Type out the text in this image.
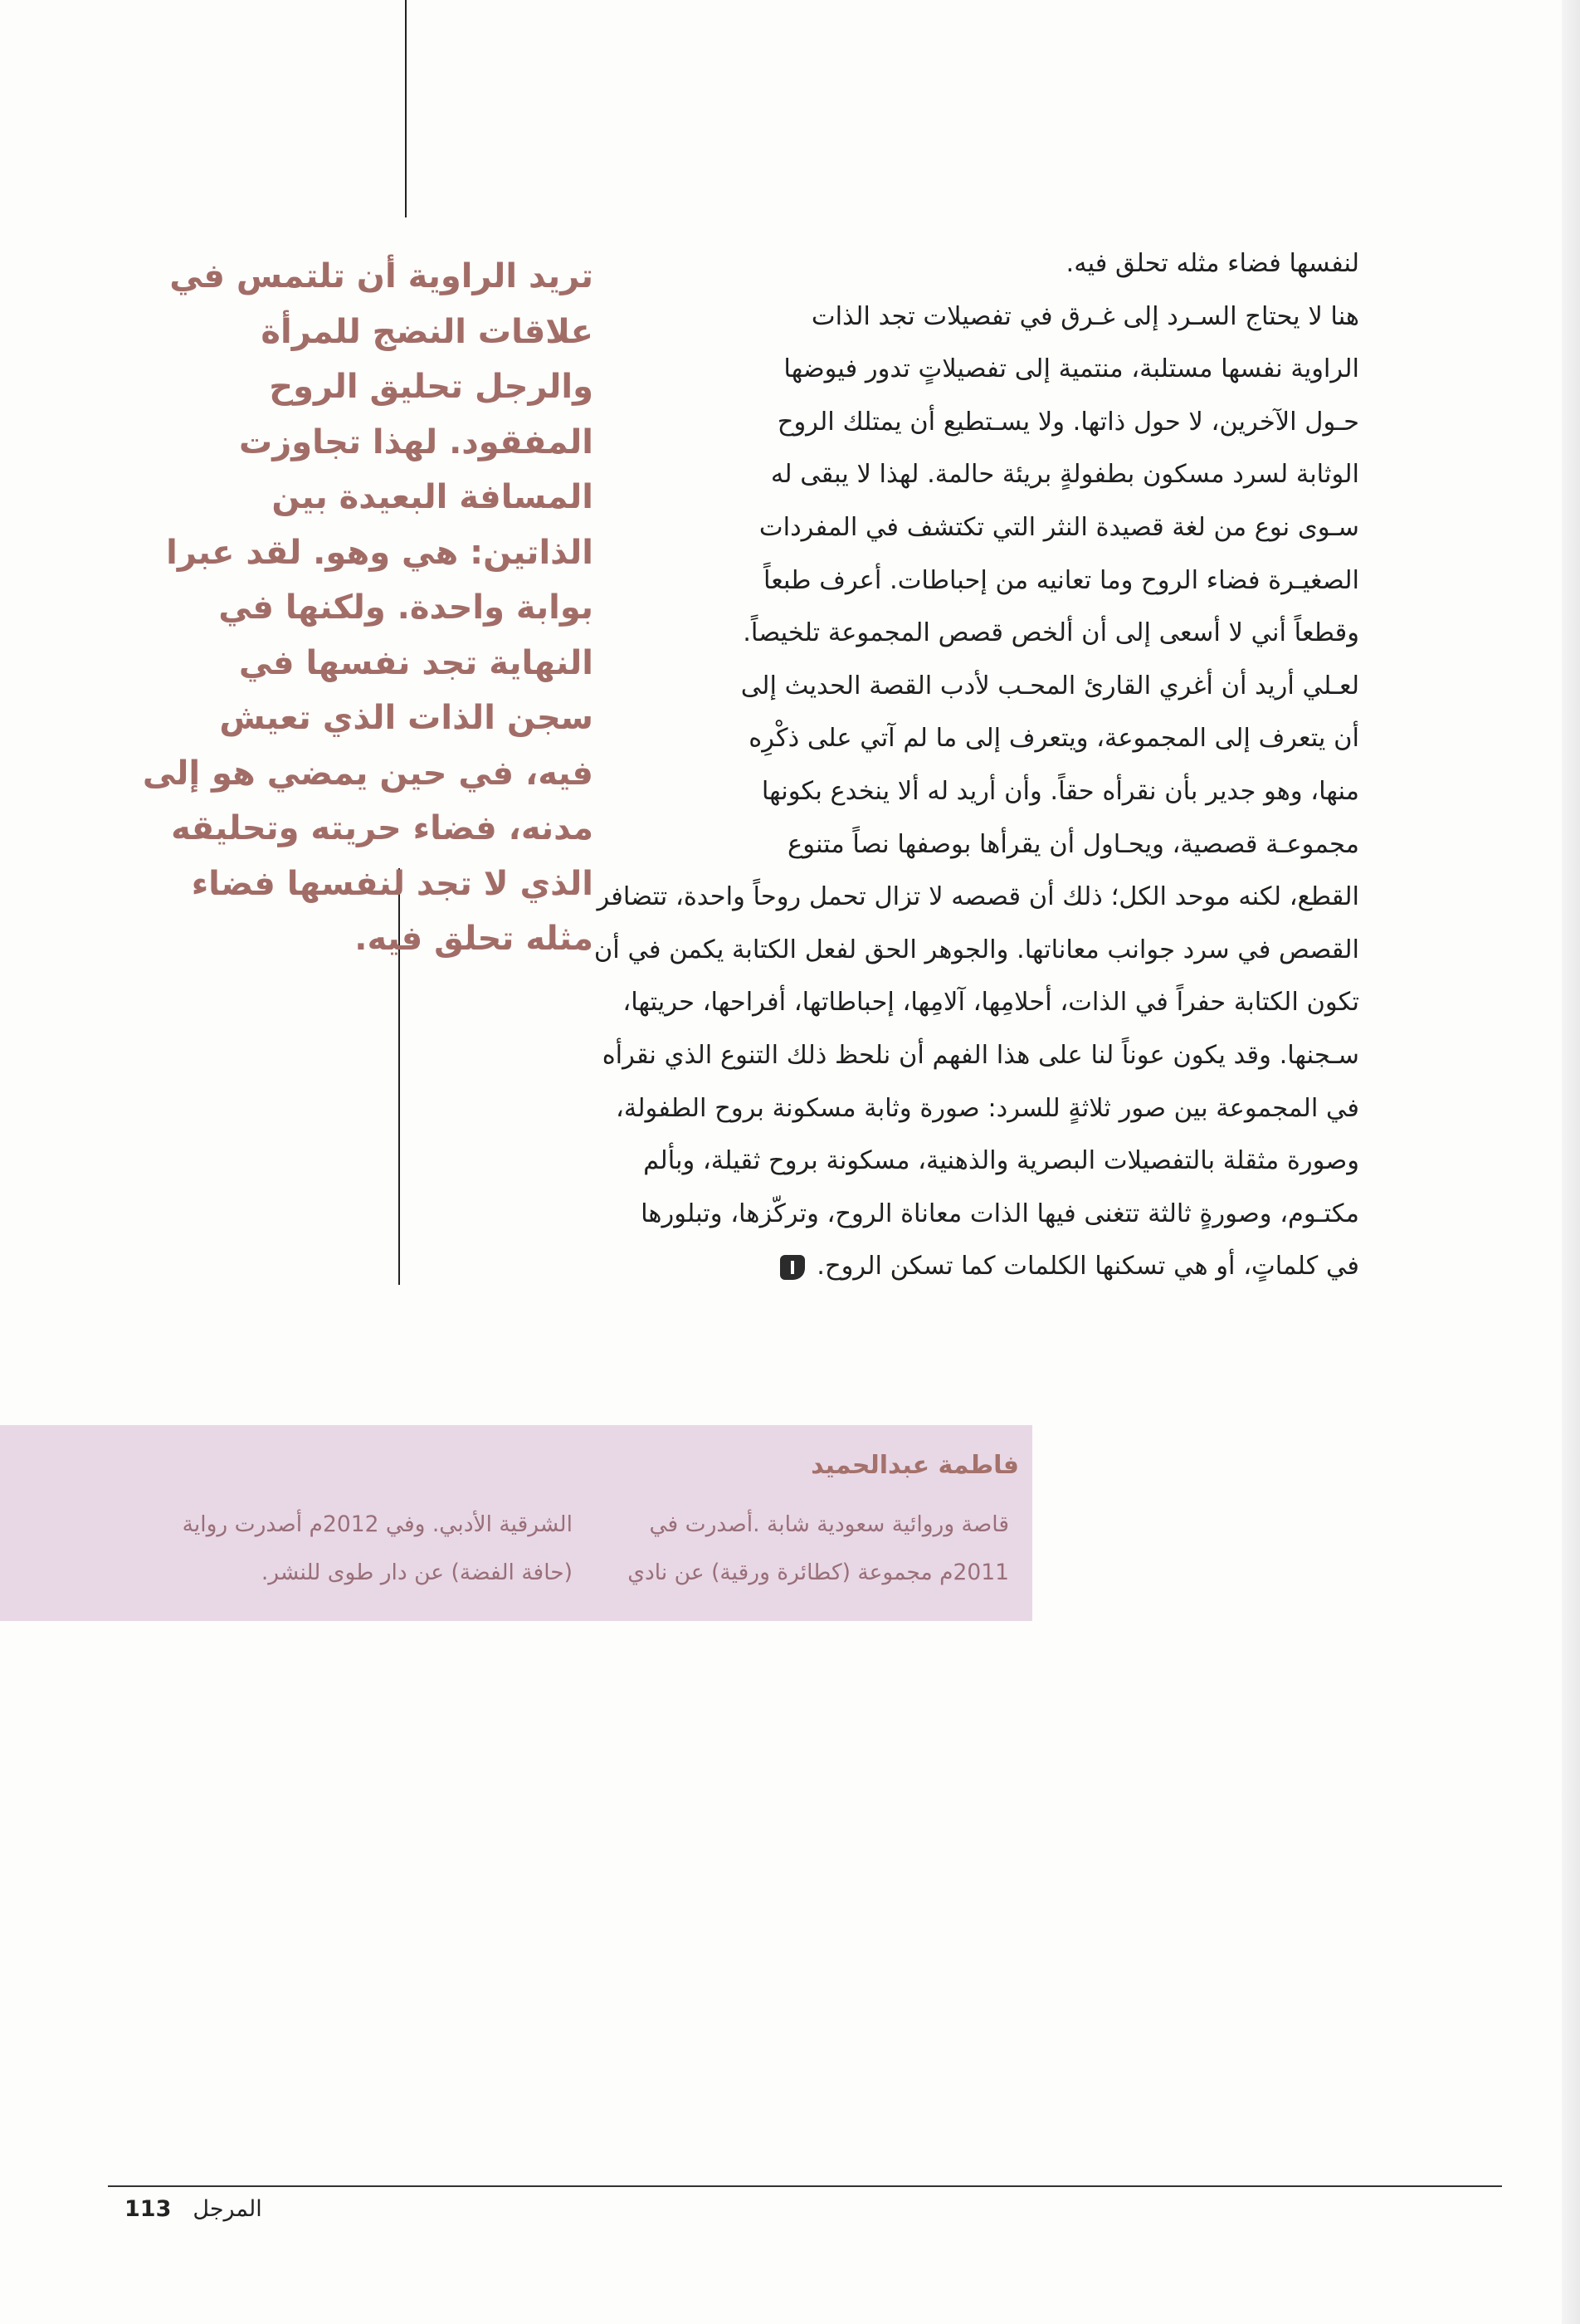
تريد الراوية أن تلتمس في علاقات النضج للمرأة والرجل تحليق الروح المفقود. لهذا تجاوزت المسافة البعيدة بين الذاتين: هي وهو. لقد عبرا بوابة واحدة. ولكنها في النهاية تجد نفسها في سجن الذات الذي تعيش فيه، في حين يمضي هو إلى مدنه، فضاء حريته وتحليقه الذي لا تجد لنفسها فضاء مثله تحلق فيه.

لنفسها فضاء مثله تحلق فيه.
هنا لا يحتاج السـرد إلى غـرق في تفصيلات تجد الذات
الراوية نفسها مستلبة، منتمية إلى تفصيلاتٍ تدور فيوضها
حـول الآخرين، لا حول ذاتها. ولا يسـتطيع أن يمتلك الروح
الوثابة لسرد مسكون بطفولةٍ بريئة حالمة. لهذا لا يبقى له
سـوى نوع من لغة قصيدة النثر التي تكتشف في المفردات
الصغيـرة فضاء الروح وما تعانيه من إحباطات. أعرف طبعاً
وقطعاً أني لا أسعى إلى أن ألخص قصص المجموعة تلخيصاً.
لعـلي أريد أن أغري القارئ المحـب لأدب القصة الحديث إلى
أن يتعرف إلى المجموعة، ويتعرف إلى ما لم آتي على ذكْرِه
منها، وهو جدير بأن نقرأه حقاً. وأن أريد له ألا ينخدع بكونها
مجموعـة قصصية، ويحـاول أن يقرأها بوصفها نصاً متنوع
القطع، لكنه موحد الكل؛ ذلك أن قصصه لا تزال تحمل روحاً واحدة، تتضافر
القصص في سرد جوانب معاناتها. والجوهر الحق لفعل الكتابة يكمن في أن
تكون الكتابة حفراً في الذات، أحلامِها، آلامِها، إحباطاتها، أفراحها، حريتها،
سـجنها. وقد يكون عوناً لنا على هذا الفهم أن نلحظ ذلك التنوع الذي نقرأه
في المجموعة بين صور ثلاثةٍ للسرد: صورة وثابة مسكونة بروح الطفولة،
وصورة مثقلة بالتفصيلات البصرية والذهنية، مسكونة بروح ثقيلة، وبألم
مكتـوم، وصورةٍ ثالثة تتغنى فيها الذات معاناة الروح، وتركّزها، وتبلورها
في كلماتٍ، أو هي تسكنها الكلمات كما تسكن الروح.

فاطمة عبدالحميد

قاصة وروائية سعودية شابة .أصدرت في 2011م مجموعة (كطائرة ورقية) عن نادي

الشرقية الأدبي. وفي 2012م أصدرت رواية (حافة الفضة) عن دار طوى للنشر.

113 المرجل
